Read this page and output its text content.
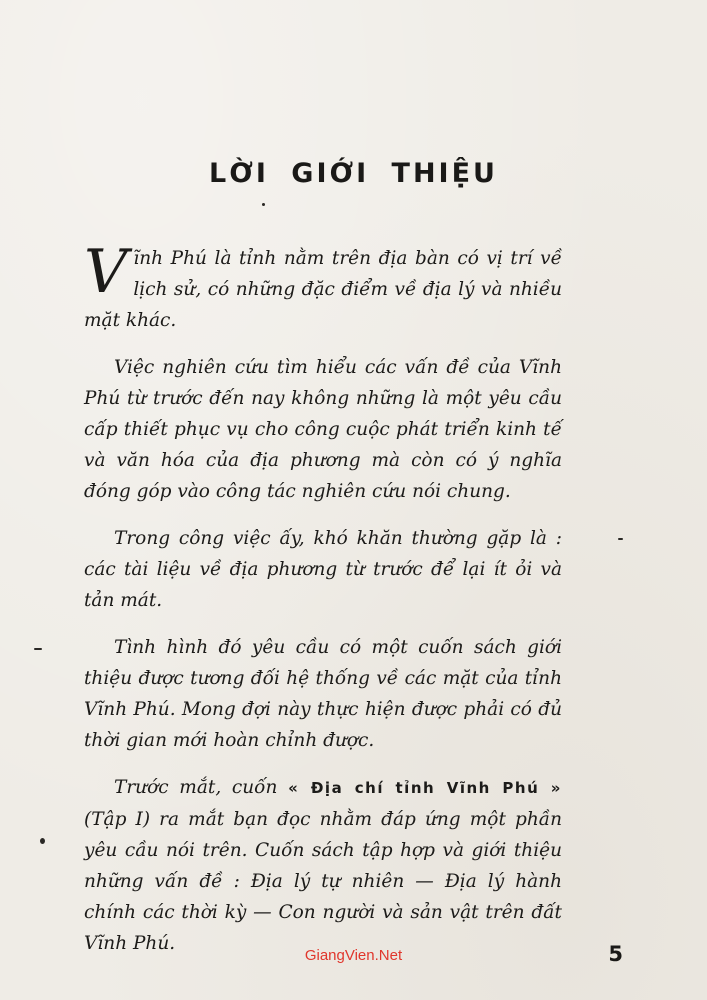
LỜI GIỚI THIỆU

V ĩnh Phú là tỉnh nằm trên địa bàn có vị trí về lịch sử, có những đặc điểm về địa lý và nhiều mặt khác.

Việc nghiên cứu tìm hiểu các vấn đề của Vĩnh Phú từ trước đến nay không những là một yêu cầu cấp thiết phục vụ cho công cuộc phát triển kinh tế và văn hóa của địa phương mà còn có ý nghĩa đóng góp vào công tác nghiên cứu nói chung.

Trong công việc ấy, khó khăn thường gặp là : các tài liệu về địa phương từ trước để lại ít ỏi và tản mát.

Tình hình đó yêu cầu có một cuốn sách giới thiệu được tương đối hệ thống về các mặt của tỉnh Vĩnh Phú. Mong đợi này thực hiện được phải có đủ thời gian mới hoàn chỉnh được.

Trước mắt, cuốn « Địa chí tỉnh Vĩnh Phú » (Tập I) ra mắt bạn đọc nhằm đáp ứng một phần yêu cầu nói trên. Cuốn sách tập hợp và giới thiệu những vấn đề : Địa lý tự nhiên — Địa lý hành chính các thời kỳ — Con người và sản vật trên đất Vĩnh Phú.

GiangVien.Net	5
